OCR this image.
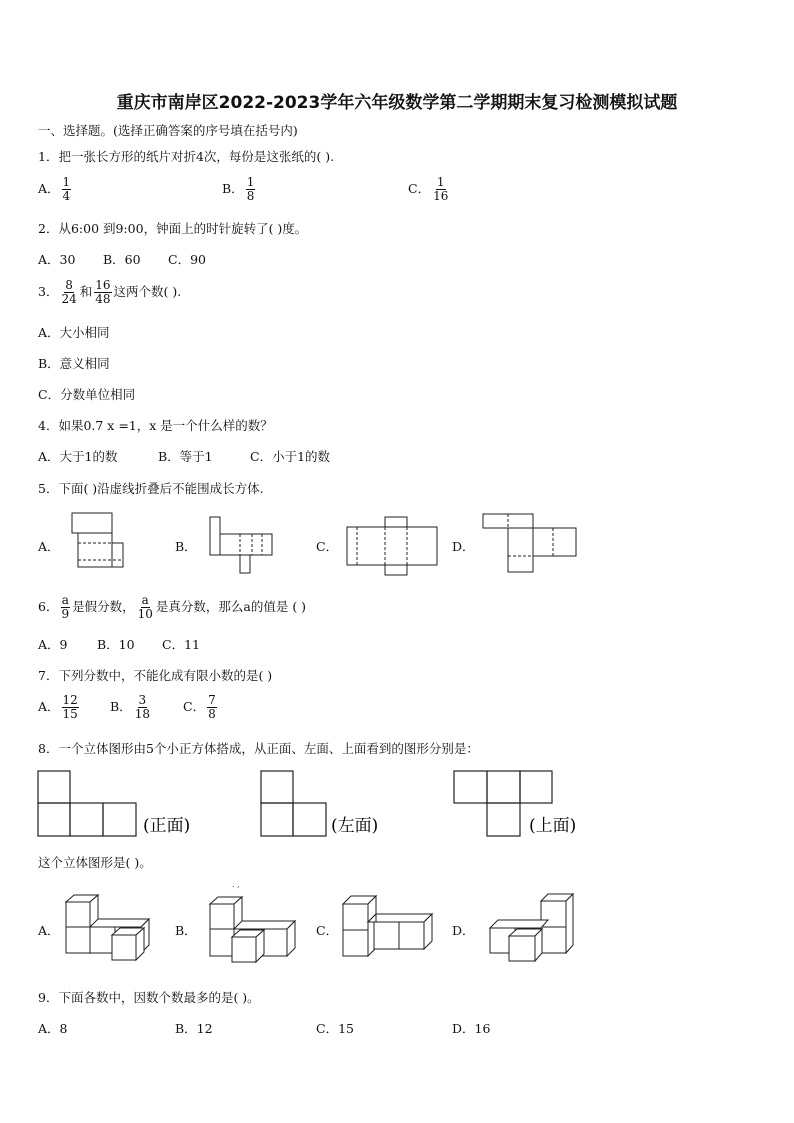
重庆市南岸区2022-2023学年六年级数学第二学期期末复习检测模拟试题
一、选择题。(选择正确答案的序号填在括号内)
1．把一张长方形的纸片对折4次，每份是这张纸的( ).
A． $\frac{1}{4}$	B． $\frac{1}{8}$	C． $\frac{1}{16}$
2．从6:00 到9:00，钟面上的时针旋转了( )度。
A．30 B．60 C．90
3． $\frac{8}{24}$ 和 $\frac{16}{48}$ 这两个数( ).
A．大小相同
B．意义相同
C．分数单位相同
4．如果0.7 x =1，x 是一个什么样的数？
A．大于1的数	B．等于1	C．小于1的数
5．下面( )沿虚线折叠后不能围成长方体.
A．	B．	C．	D．
6． $\frac{a}{9}$ 是假分数， $\frac{a}{10}$ 是真分数，那么a的值是 ( )
A．9 B．10 C．11
7．下列分数中，不能化成有限小数的是( )
A． $\frac{12}{15}$ B． $\frac{3}{18}$	C． $\frac{7}{8}$
8．一个立体图形由5个小正方体搭成，从正面、左面、上面看到的图形分别是：
(正面)	(左面)	(上面)
这个立体图形是( )。
A．	B．	C．	D．
. ,
9．下面各数中，因数个数最多的是( )。
A．8	B．12	C．15	D．16
